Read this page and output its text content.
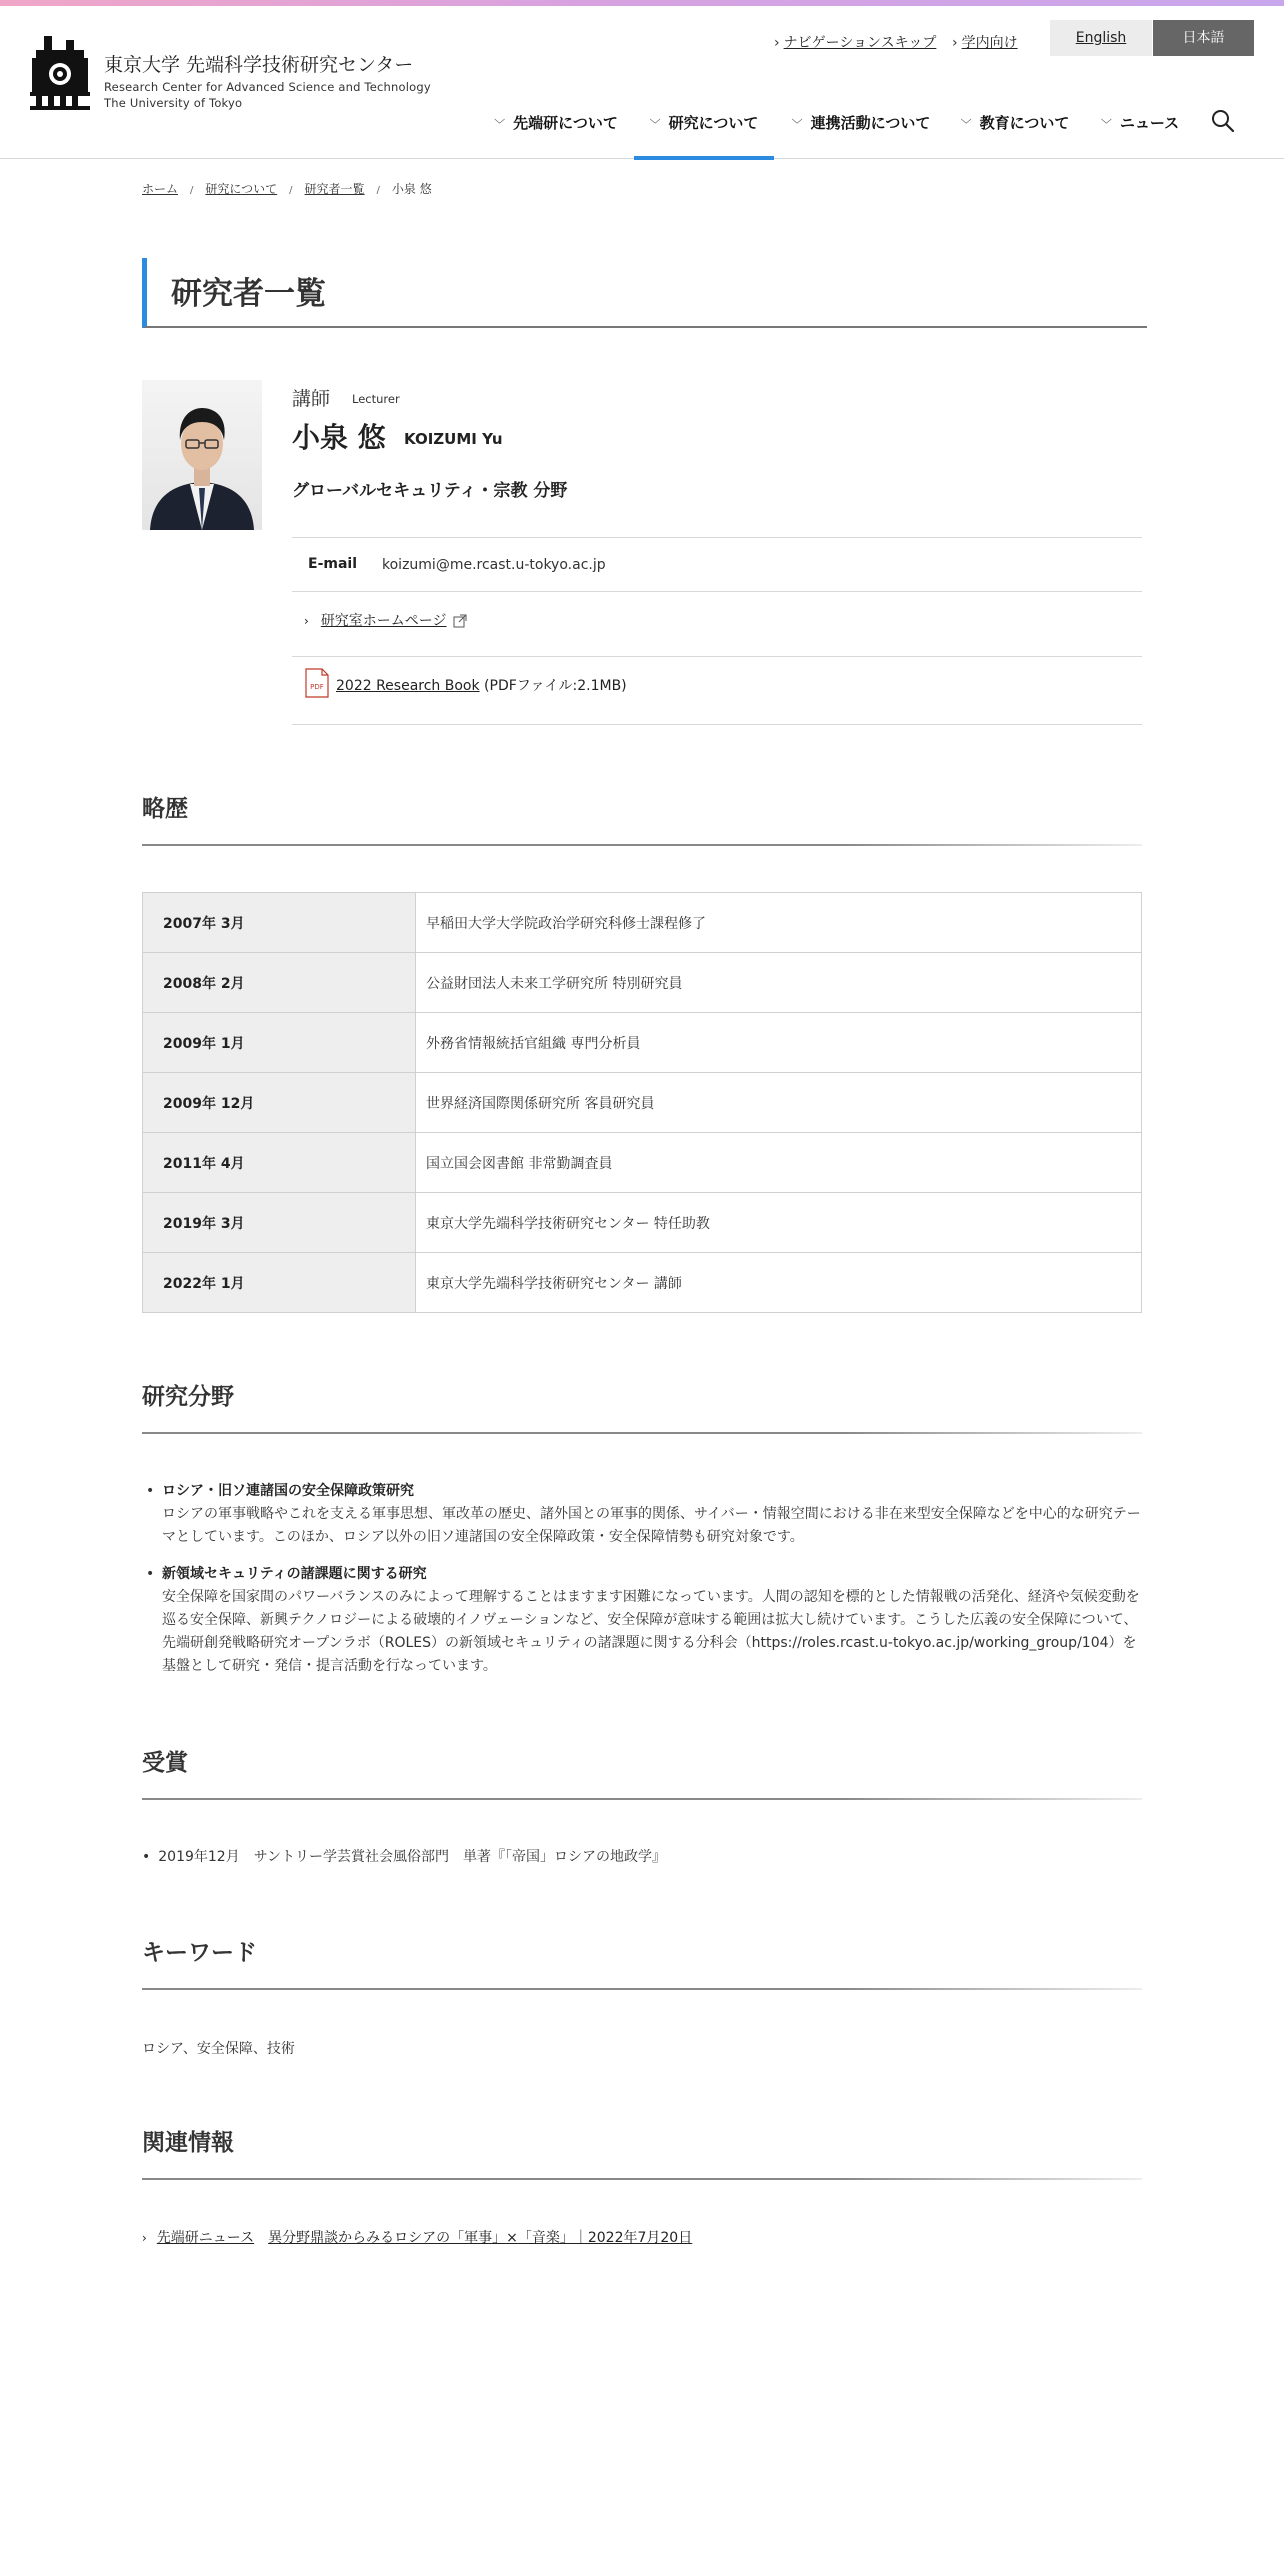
東京大学 先端科学技術研究センター
Research Center for Advanced Science and Technology
The University of Tokyo
› ナビゲーションスキップ › 学内向け	English	日本語
﹀ 先端研について	﹀ 研究について	﹀ 連携活動について	﹀ 教育について	﹀ ニュース
ホーム / 研究について / 研究者一覧 / 小泉 悠
研究者一覧
講師 Lecturer
小泉 悠 KOIZUMI Yu
グローバルセキュリティ・宗教 分野
E-mail koizumi@me.rcast.u-tokyo.ac.jp
› 研究室ホームページ
PDF 2022 Research Book (PDFファイル:2.1MB)
略歴
2007年 3月	早稲田大学大学院政治学研究科修士課程修了
2008年 2月	公益財団法人未来工学研究所 特別研究員
2009年 1月	外務省情報統括官組織 専門分析員
2009年 12月	世界経済国際関係研究所 客員研究員
2011年 4月	国立国会図書館 非常勤調査員
2019年 3月	東京大学先端科学技術研究センター 特任助教
2022年 1月	東京大学先端科学技術研究センター 講師
研究分野
• ロシア・旧ソ連諸国の安全保障政策研究
ロシアの軍事戦略やこれを支える軍事思想、軍改革の歴史、諸外国との軍事的関係、サイバー・情報空間における非在来型安全保障などを中心的な研究テーマとしています。このほか、ロシア以外の旧ソ連諸国の安全保障政策・安全保障情勢も研究対象です。
• 新領域セキュリティの諸課題に関する研究
安全保障を国家間のパワーバランスのみによって理解することはますます困難になっています。人間の認知を標的とした情報戦の活発化、経済や気候変動を巡る安全保障、新興テクノロジーによる破壊的イノヴェーションなど、安全保障が意味する範囲は拡大し続けています。こうした広義の安全保障について、先端研創発戦略研究オープンラボ（ROLES）の新領域セキュリティの諸課題に関する分科会（https://roles.rcast.u-tokyo.ac.jp/working_group/104）を基盤として研究・発信・提言活動を行なっています。
受賞
• 2019年12月　サントリー学芸賞社会風俗部門　単著『「帝国」ロシアの地政学』
キーワード
ロシア、安全保障、技術
関連情報
› 先端研ニュース　 異分野鼎談からみるロシアの「軍事」×「音楽」｜2022年7月20日
